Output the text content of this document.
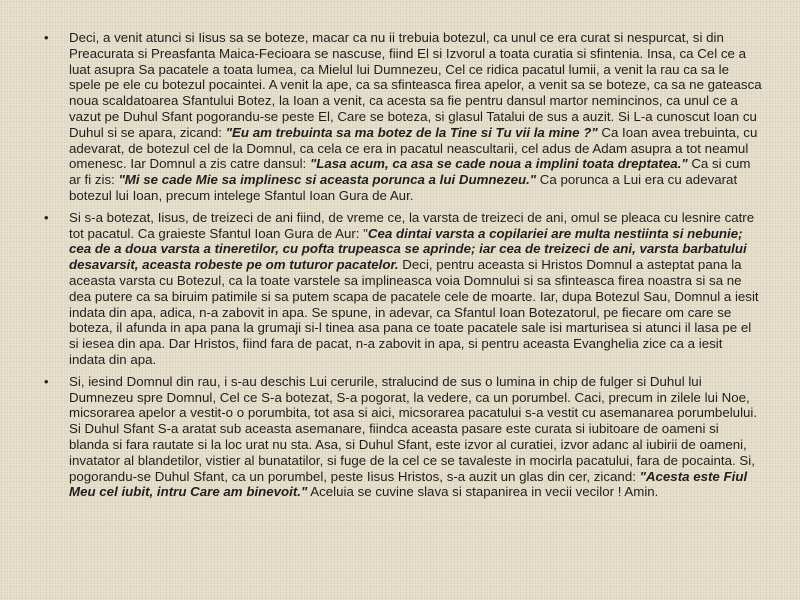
• Deci, a venit atunci si Iisus sa se boteze, macar ca nu ii trebuia botezul, ca unul ce era curat si nespurcat, si din Preacurata si Preasfanta Maica-Fecioara se nascuse, fiind El si Izvorul a toata curatia si sfintenia. Insa, ca Cel ce a luat asupra Sa pacatele a toata lumea, ca Mielul lui Dumnezeu, Cel ce ridica pacatul lumii, a venit la rau ca sa le spele pe ele cu botezul pocaintei. A venit la ape, ca sa sfinteasca firea apelor, a venit sa se boteze, ca sa ne gateasca noua scaldatoarea Sfantului Botez, la Ioan a venit, ca acesta sa fie pentru dansul martor nemincinos, ca unul ce a vazut pe Duhul Sfant pogorandu-se peste El, Care se boteza, si glasul Tatalui de sus a auzit. Si L-a cunoscut Ioan cu Duhul si se apara, zicand: "Eu am trebuinta sa ma botez de la Tine si Tu vii la mine ?" Ca Ioan avea trebuinta, cu adevarat, de botezul cel de la Domnul, ca cela ce era in pacatul neascultarii, cel adus de Adam asupra a tot neamul omenesc. Iar Domnul a zis catre dansul: "Lasa acum, ca asa se cade noua a implini toata dreptatea." Ca si cum ar fi zis: "Mi se cade Mie sa implinesc si aceasta porunca a lui Dumnezeu." Ca porunca a Lui era cu adevarat botezul lui Ioan, precum intelege Sfantul Ioan Gura de Aur.
• Si s-a botezat, Iisus, de treizeci de ani fiind, de vreme ce, la varsta de treizeci de ani, omul se pleaca cu lesnire catre tot pacatul. Ca graieste Sfantul Ioan Gura de Aur: "Cea dintai varsta a copilariei are multa nestiinta si nebunie; cea de a doua varsta a tineretilor, cu pofta trupeasca se aprinde; iar cea de treizeci de ani, varsta barbatului desavarsit, aceasta robeste pe om tuturor pacatelor. Deci, pentru aceasta si Hristos Domnul a asteptat pana la aceasta varsta cu Botezul, ca la toate varstele sa implineasca voia Domnului si sa sfinteasca firea noastra si sa ne dea putere ca sa biruim patimile si sa putem scapa de pacatele cele de moarte. Iar, dupa Botezul Sau, Domnul a iesit indata din apa, adica, n-a zabovit in apa. Se spune, in adevar, ca Sfantul Ioan Botezatorul, pe fiecare om care se boteza, il afunda in apa pana la grumaji si-l tinea asa pana ce toate pacatele sale isi marturisea si atunci il lasa pe el si iesea din apa. Dar Hristos, fiind fara de pacat, n-a zabovit in apa, si pentru aceasta Evanghelia zice ca a iesit indata din apa.
• Si, iesind Domnul din rau, i s-au deschis Lui cerurile, stralucind de sus o lumina in chip de fulger si Duhul lui Dumnezeu spre Domnul, Cel ce S-a botezat, S-a pogorat, la vedere, ca un porumbel. Caci, precum in zilele lui Noe, micsorarea apelor a vestit-o o porumbita, tot asa si aici, micsorarea pacatului s-a vestit cu asemanarea porumbelului. Si Duhul Sfant S-a aratat sub aceasta asemanare, fiindca aceasta pasare este curata si iubitoare de oameni si blanda si fara rautate si la loc urat nu sta. Asa, si Duhul Sfant, este izvor al curatiei, izvor adanc al iubirii de oameni, invatator al blandetilor, vistier al bunatatilor, si fuge de la cel ce se tavaleste in mocirla pacatului, fara de pocainta. Si, pogorandu-se Duhul Sfant, ca un porumbel, peste Iisus Hristos, s-a auzit un glas din cer, zicand: "Acesta este Fiul Meu cel iubit, intru Care am binevoit." Aceluia se cuvine slava si stapanirea in vecii vecilor ! Amin.
